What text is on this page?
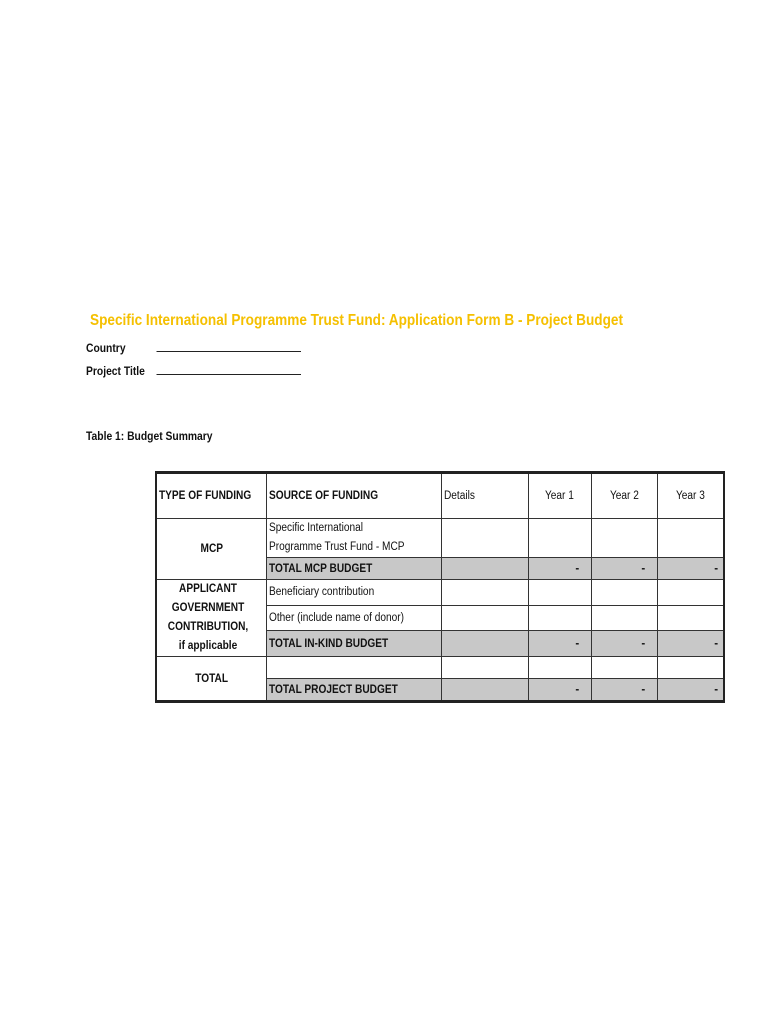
Specific International Programme Trust Fund: Application Form B - Project Budget
Country
Project Title
Table 1: Budget Summary
TYPE OF FUNDING	SOURCE OF FUNDING	Details	Year 1	Year 2	Year 3
MCP	Specific International Programme Trust Fund - MCP				
	TOTAL MCP BUDGET		-	-	-
APPLICANT GOVERNMENT CONTRIBUTION, if applicable	Beneficiary contribution				
	Other (include name of donor)				
	TOTAL IN-KIND BUDGET		-	-	-
TOTAL					
	TOTAL PROJECT BUDGET		-	-	-
